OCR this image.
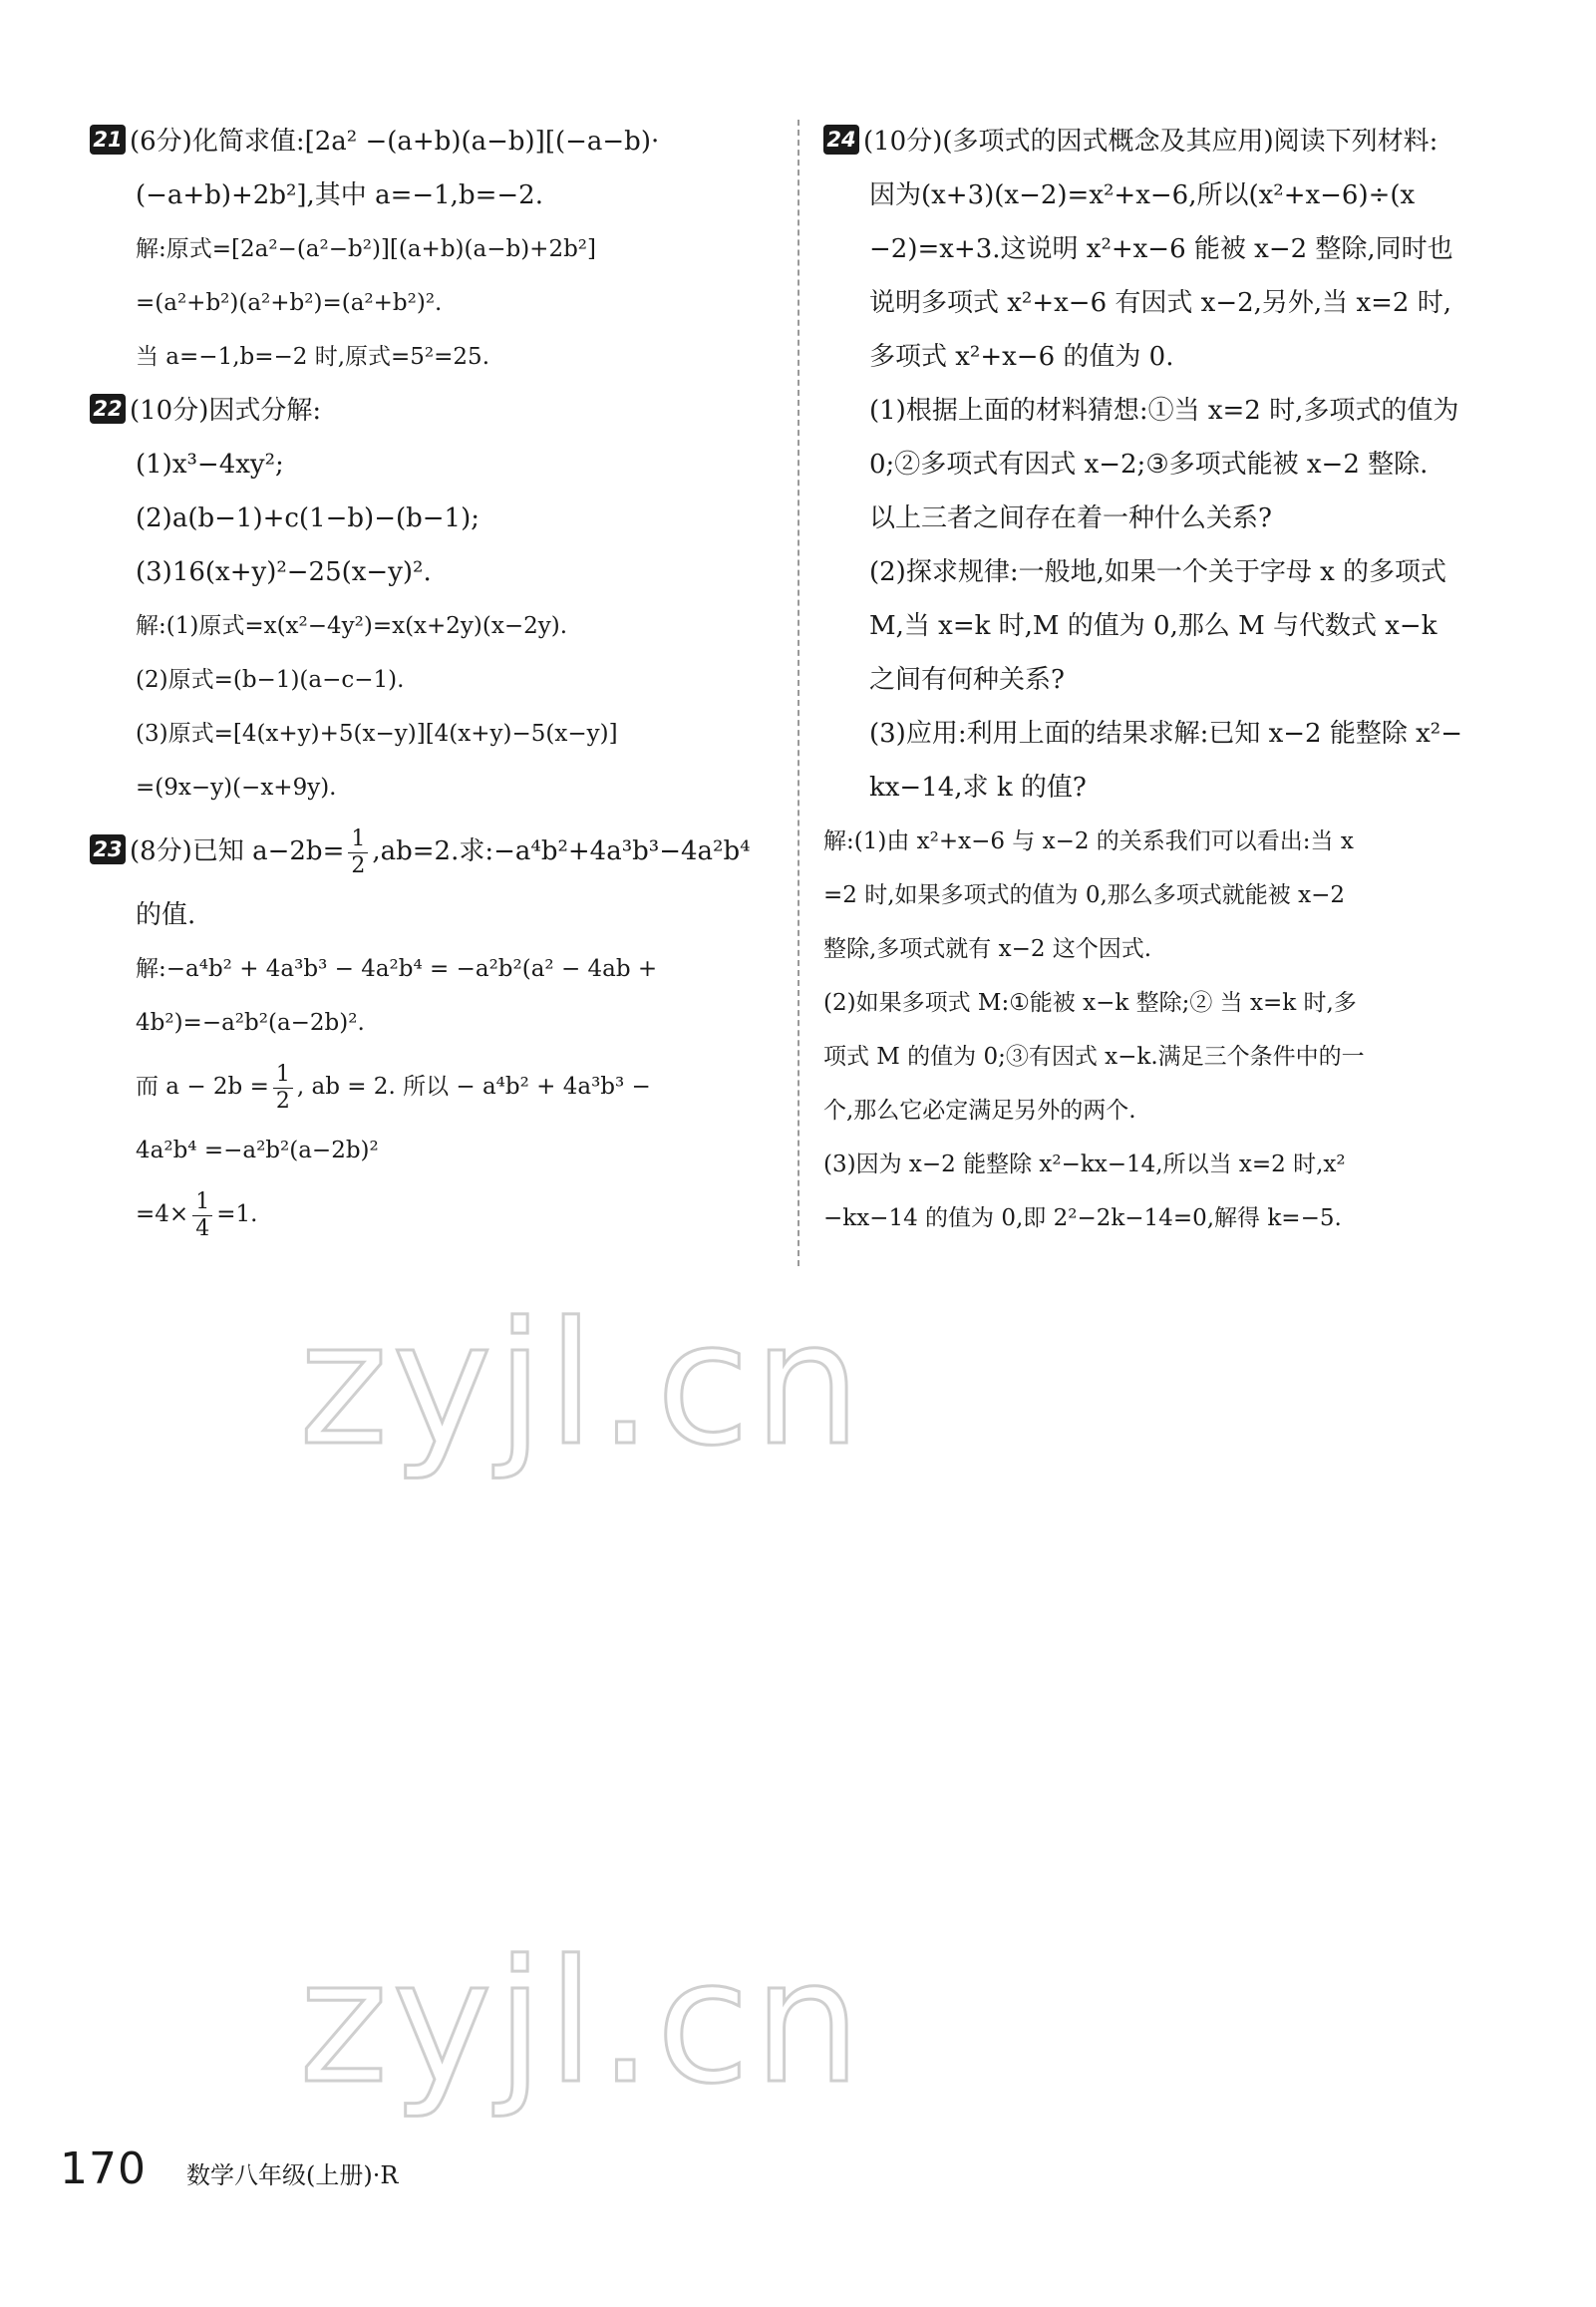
21 (6分)化简求值:[2a² −(a+b)(a−b)][(−a−b)·
(−a+b)+2b²],其中 a=−1,b=−2.
解:原式=[2a²−(a²−b²)][(a+b)(a−b)+2b²]
=(a²+b²)(a²+b²)=(a²+b²)².
当 a=−1,b=−2 时,原式=5²=25.
22 (10分)因式分解:
(1)x³−4xy²;
(2)a(b−1)+c(1−b)−(b−1);
(3)16(x+y)²−25(x−y)².
解:(1)原式=x(x²−4y²)=x(x+2y)(x−2y).
(2)原式=(b−1)(a−c−1).
(3)原式=[4(x+y)+5(x−y)][4(x+y)−5(x−y)]
=(9x−y)(−x+9y).
23 (8分)已知 $a-2b= \frac{1}{2} ,ab=2$.求:−a⁴b²+4a³b³−4a²b⁴
的值.
解:−a⁴b² + 4a³b³ − 4a²b⁴ = −a²b²(a² − 4ab +
4b²)=−a²b²(a−2b)².
而 $a - 2b = \frac{1}{2}$ , ab = 2. 所以 − a⁴b² + 4a³b³ −
4a²b⁴ =−a²b²(a−2b)²
$=4\times \frac{1}{4} =1$.
24 (10分)(多项式的因式概念及其应用)阅读下列材料:
因为(x+3)(x−2)=x²+x−6,所以(x²+x−6)÷(x
−2)=x+3.这说明 x²+x−6 能被 x−2 整除,同时也
说明多项式 x²+x−6 有因式 x−2,另外,当 x=2 时,
多项式 x²+x−6 的值为 0.
(1)根据上面的材料猜想:①当 x=2 时,多项式的值为
0;②多项式有因式 x−2;③多项式能被 x−2 整除.
以上三者之间存在着一种什么关系?
(2)探求规律:一般地,如果一个关于字母 x 的多项式
M,当 x=k 时,M 的值为 0,那么 M 与代数式 x−k
之间有何种关系?
(3)应用:利用上面的结果求解:已知 x−2 能整除 x²−
kx−14,求 k 的值?
解:(1)由 x²+x−6 与 x−2 的关系我们可以看出:当 x
=2 时,如果多项式的值为 0,那么多项式就能被 x−2
整除,多项式就有 x−2 这个因式.
(2)如果多项式 M:①能被 x−k 整除;② 当 x=k 时,多
项式 M 的值为 0;③有因式 x−k.满足三个条件中的一
个,那么它必定满足另外的两个.
(3)因为 x−2 能整除 x²−kx−14,所以当 x=2 时,x²
−kx−14 的值为 0,即 2²−2k−14=0,解得 k=−5.
zyjl.cn
zyjl.cn
170 数学八年级(上册)·R
